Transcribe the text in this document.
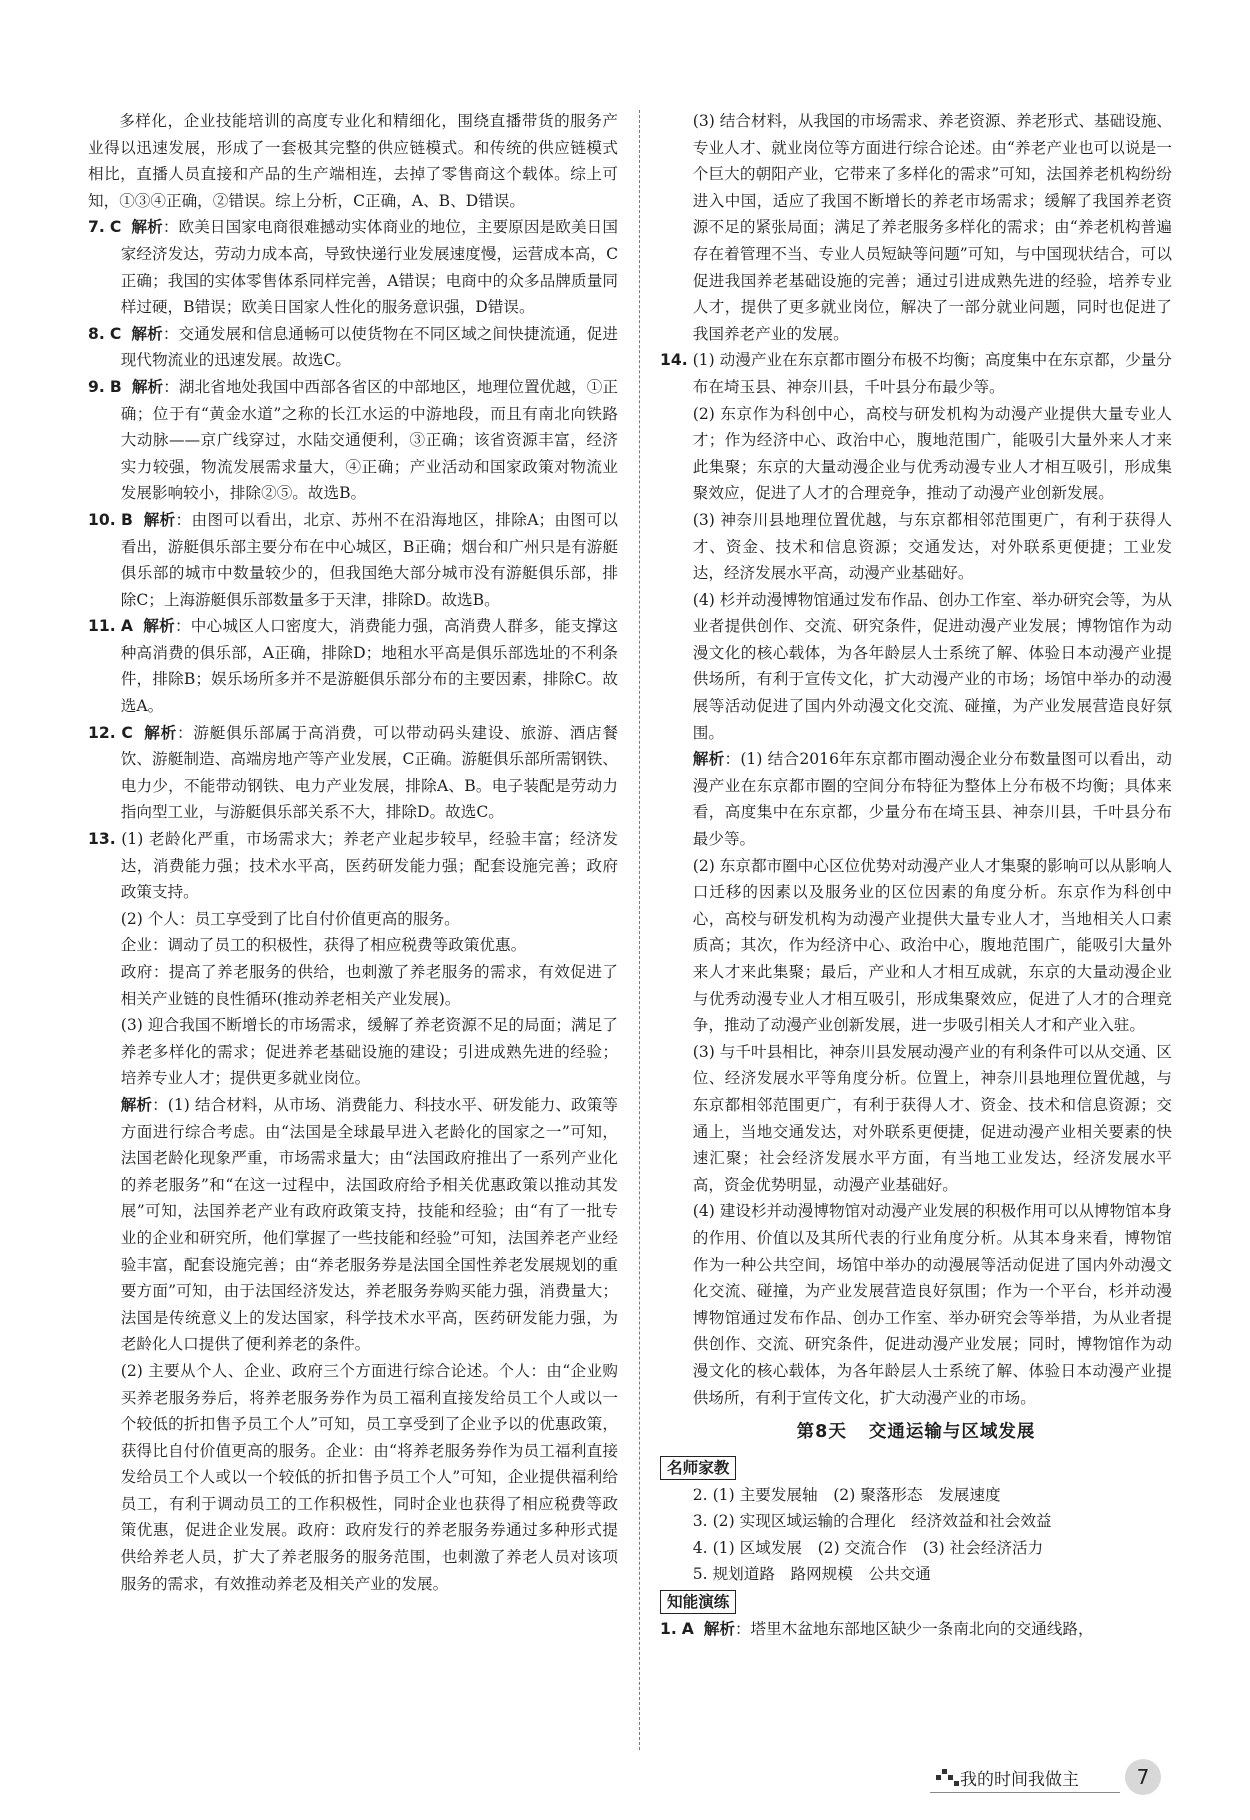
多样化，企业技能培训的高度专业化和精细化，围绕直播带货的服务产业得以迅速发展，形成了一套极其完整的供应链模式。和传统的供应链模式相比，直播人员直接和产品的生产端相连，去掉了零售商这个载体。综上可知，①③④正确，②错误。综上分析，C正确，A、B、D错误。

7. C 解析：欧美日国家电商很难撼动实体商业的地位，主要原因是欧美日国家经济发达，劳动力成本高，导致快递行业发展速度慢，运营成本高，C正确；我国的实体零售体系同样完善，A错误；电商中的众多品牌质量同样过硬，B错误；欧美日国家人性化的服务意识强，D错误。

8. C 解析：交通发展和信息通畅可以使货物在不同区域之间快捷流通，促进现代物流业的迅速发展。故选C。

9. B 解析：湖北省地处我国中西部各省区的中部地区，地理位置优越，①正确；位于有“黄金水道”之称的长江水运的中游地段，而且有南北向铁路大动脉——京广线穿过，水陆交通便利，③正确；该省资源丰富，经济实力较强，物流发展需求量大，④正确；产业活动和国家政策对物流业发展影响较小，排除②⑤。故选B。

10. B 解析：由图可以看出，北京、苏州不在沿海地区，排除A；由图可以看出，游艇俱乐部主要分布在中心城区，B正确；烟台和广州只是有游艇俱乐部的城市中数量较少的，但我国绝大部分城市没有游艇俱乐部，排除C；上海游艇俱乐部数量多于天津，排除D。故选B。

11. A 解析：中心城区人口密度大，消费能力强，高消费人群多，能支撑这种高消费的俱乐部，A正确，排除D；地租水平高是俱乐部选址的不利条件，排除B；娱乐场所多并不是游艇俱乐部分布的主要因素，排除C。故选A。

12. C 解析：游艇俱乐部属于高消费，可以带动码头建设、旅游、酒店餐饮、游艇制造、高端房地产等产业发展，C正确。游艇俱乐部所需钢铁、电力少，不能带动钢铁、电力产业发展，排除A、B。电子装配是劳动力指向型工业，与游艇俱乐部关系不大，排除D。故选C。

13. (1) 老龄化严重，市场需求大；养老产业起步较早，经验丰富；经济发达，消费能力强；技术水平高，医药研发能力强；配套设施完善；政府政策支持。

(2) 个人：员工享受到了比自付价值更高的服务。

企业：调动了员工的积极性，获得了相应税费等政策优惠。

政府：提高了养老服务的供给，也刺激了养老服务的需求，有效促进了相关产业链的良性循环(推动养老相关产业发展)。

(3) 迎合我国不断增长的市场需求，缓解了养老资源不足的局面；满足了养老多样化的需求；促进养老基础设施的建设；引进成熟先进的经验；培养专业人才；提供更多就业岗位。

解析：(1) 结合材料，从市场、消费能力、科技水平、研发能力、政策等方面进行综合考虑。由“法国是全球最早进入老龄化的国家之一”可知，法国老龄化现象严重，市场需求量大；由“法国政府推出了一系列产业化的养老服务”和“在这一过程中，法国政府给予相关优惠政策以推动其发展”可知，法国养老产业有政府政策支持，技能和经验；由“有了一批专业的企业和研究所，他们掌握了一些技能和经验”可知，法国养老产业经验丰富，配套设施完善；由“养老服务券是法国全国性养老发展规划的重要方面”可知，由于法国经济发达，养老服务券购买能力强，消费量大；法国是传统意义上的发达国家，科学技术水平高，医药研发能力强，为老龄化人口提供了便利养老的条件。

(2) 主要从个人、企业、政府三个方面进行综合论述。个人：由“企业购买养老服务券后，将养老服务券作为员工福利直接发给员工个人或以一个较低的折扣售予员工个人”可知，员工享受到了企业予以的优惠政策，获得比自付价值更高的服务。企业：由“将养老服务券作为员工福利直接发给员工个人或以一个较低的折扣售予员工个人”可知，企业提供福利给员工，有利于调动员工的工作积极性，同时企业也获得了相应税费等政策优惠，促进企业发展。政府：政府发行的养老服务券通过多种形式提供给养老人员，扩大了养老服务的服务范围，也刺激了养老人员对该项服务的需求，有效推动养老及相关产业的发展。

(3) 结合材料，从我国的市场需求、养老资源、养老形式、基础设施、专业人才、就业岗位等方面进行综合论述。由“养老产业也可以说是一个巨大的朝阳产业，它带来了多样化的需求”可知，法国养老机构纷纷进入中国，适应了我国不断增长的养老市场需求；缓解了我国养老资源不足的紧张局面；满足了养老服务多样化的需求；由“养老机构普遍存在着管理不当、专业人员短缺等问题”可知，与中国现状结合，可以促进我国养老基础设施的完善；通过引进成熟先进的经验，培养专业人才，提供了更多就业岗位，解决了一部分就业问题，同时也促进了我国养老产业的发展。

14. (1) 动漫产业在东京都市圈分布极不均衡；高度集中在东京都，少量分布在埼玉县、神奈川县，千叶县分布最少等。

(2) 东京作为科创中心，高校与研发机构为动漫产业提供大量专业人才；作为经济中心、政治中心，腹地范围广，能吸引大量外来人才来此集聚；东京的大量动漫企业与优秀动漫专业人才相互吸引，形成集聚效应，促进了人才的合理竞争，推动了动漫产业创新发展。

(3) 神奈川县地理位置优越，与东京都相邻范围更广，有利于获得人才、资金、技术和信息资源；交通发达，对外联系更便捷；工业发达，经济发展水平高，动漫产业基础好。

(4) 杉并动漫博物馆通过发布作品、创办工作室、举办研究会等，为从业者提供创作、交流、研究条件，促进动漫产业发展；博物馆作为动漫文化的核心载体，为各年龄层人士系统了解、体验日本动漫产业提供场所，有利于宣传文化，扩大动漫产业的市场；场馆中举办的动漫展等活动促进了国内外动漫文化交流、碰撞，为产业发展营造良好氛围。

解析：(1) 结合2016年东京都市圈动漫企业分布数量图可以看出，动漫产业在东京都市圈的空间分布特征为整体上分布极不均衡；具体来看，高度集中在东京都，少量分布在埼玉县、神奈川县，千叶县分布最少等。

(2) 东京都市圈中心区位优势对动漫产业人才集聚的影响可以从影响人口迁移的因素以及服务业的区位因素的角度分析。东京作为科创中心，高校与研发机构为动漫产业提供大量专业人才，当地相关人口素质高；其次，作为经济中心、政治中心，腹地范围广，能吸引大量外来人才来此集聚；最后，产业和人才相互成就，东京的大量动漫企业与优秀动漫专业人才相互吸引，形成集聚效应，促进了人才的合理竞争，推动了动漫产业创新发展，进一步吸引相关人才和产业入驻。

(3) 与千叶县相比，神奈川县发展动漫产业的有利条件可以从交通、区位、经济发展水平等角度分析。位置上，神奈川县地理位置优越，与东京都相邻范围更广，有利于获得人才、资金、技术和信息资源；交通上，当地交通发达，对外联系更便捷，促进动漫产业相关要素的快速汇聚；社会经济发展水平方面，有当地工业发达，经济发展水平高，资金优势明显，动漫产业基础好。

(4) 建设杉并动漫博物馆对动漫产业发展的积极作用可以从博物馆本身的作用、价值以及其所代表的行业角度分析。从其本身来看，博物馆作为一种公共空间，场馆中举办的动漫展等活动促进了国内外动漫文化交流、碰撞，为产业发展营造良好氛围；作为一个平台，杉并动漫博物馆通过发布作品、创办工作室、举办研究会等举措，为从业者提供创作、交流、研究条件，促进动漫产业发展；同时，博物馆作为动漫文化的核心载体，为各年龄层人士系统了解、体验日本动漫产业提供场所，有利于宣传文化，扩大动漫产业的市场。

第8天 交通运输与区域发展
名师家教

2. (1) 主要发展轴　(2) 聚落形态　发展速度

3. (2) 实现区域运输的合理化　经济效益和社会效益

4. (1) 区域发展　(2) 交流合作　(3) 社会经济活力

5. 规划道路　路网规模　公共交通

知能演练

1. A 解析：塔里木盆地东部地区缺少一条南北向的交通线路，

我的时间我做主	7
